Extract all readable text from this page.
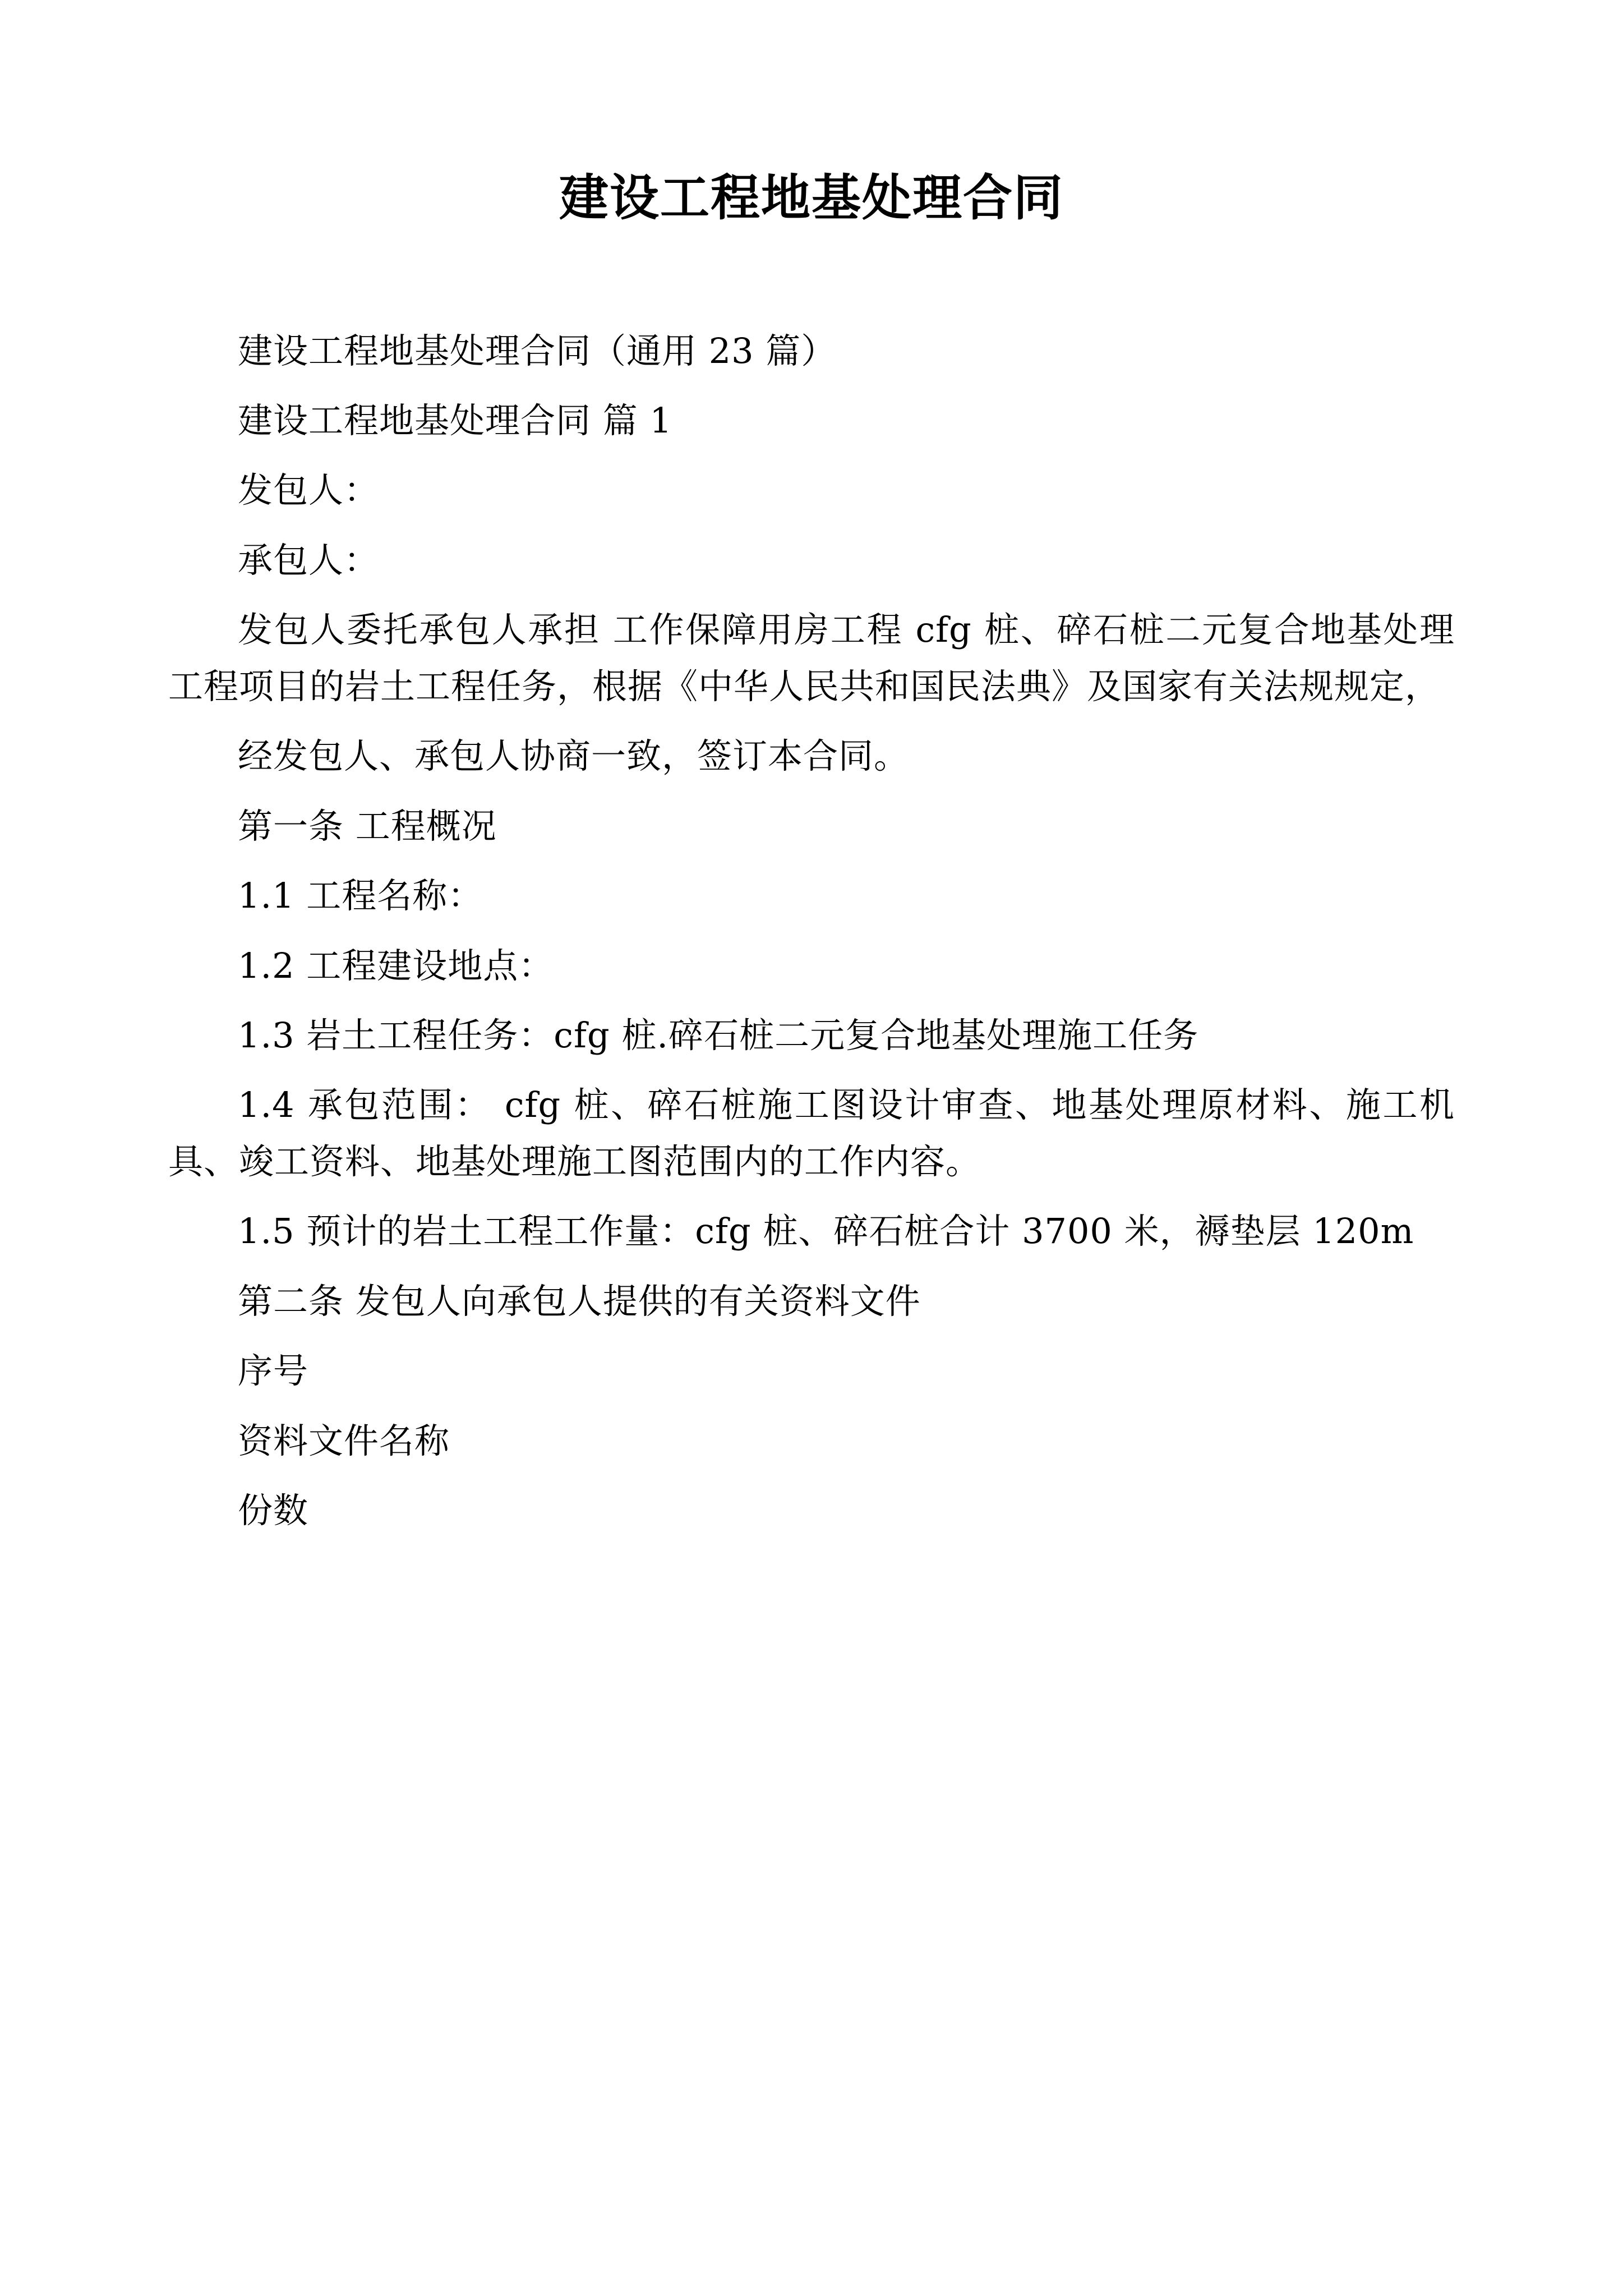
建设工程地基处理合同

建设工程地基处理合同（通用 23 篇）

建设工程地基处理合同 篇 1

发包人：

承包人：

发包人委托承包人承担 工作保障用房工程 cfg 桩、碎石桩二元复合地基处理 工程项目的岩土工程任务，根据《中华人民共和国民法典》及国家有关法规规定，

经发包人、承包人协商一致，签订本合同。

第一条 工程概况

1.1 工程名称：

1.2 工程建设地点：

1.3 岩土工程任务：cfg 桩.碎石桩二元复合地基处理施工任务

1.4 承包范围： cfg 桩、碎石桩施工图设计审查、地基处理原材料、施工机具、竣工资料、地基处理施工图范围内的工作内容。

1.5 预计的岩土工程工作量：cfg 桩、碎石桩合计 3700 米，褥垫层 120m

第二条 发包人向承包人提供的有关资料文件

序号

资料文件名称

份数
